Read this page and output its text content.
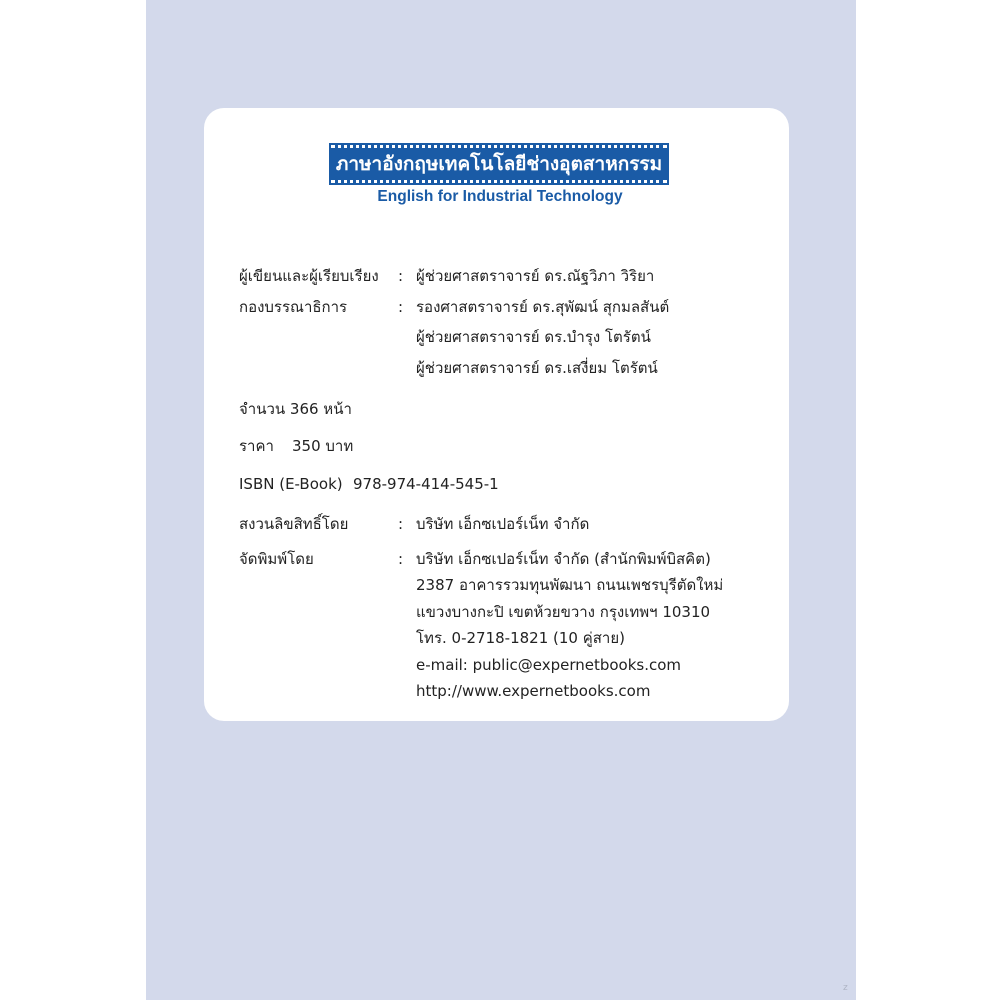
ภาษาอังกฤษเทคโนโลยีช่างอุตสาหกรรม
English for Industrial Technology
ผู้เขียนและผู้เรียบเรียง : ผู้ช่วยศาสตราจารย์ ดร.ณัฐวิภา วิริยา
กองบรรณาธิการ	: รองศาสตราจารย์ ดร.สุพัฒน์ สุกมลสันต์
ผู้ช่วยศาสตราจารย์ ดร.บำรุง โตรัตน์
ผู้ช่วยศาสตราจารย์ ดร.เสงี่ยม โตรัตน์
จำนวน 366 หน้า
ราคา 350 บาท
ISBN (E-Book) 978-974-414-545-1
สงวนลิขสิทธิ์โดย	: บริษัท เอ็กซเปอร์เน็ท จำกัด
จัดพิมพ์โดย	: บริษัท เอ็กซเปอร์เน็ท จำกัด (สำนักพิมพ์บิสคิต)
2387 อาคารรวมทุนพัฒนา ถนนเพชรบุรีตัดใหม่
แขวงบางกะปิ เขตห้วยขวาง กรุงเทพฯ 10310
โทร. 0-2718-1821 (10 คู่สาย)
e-mail: public@expernetbooks.com
http://www.expernetbooks.com
z
